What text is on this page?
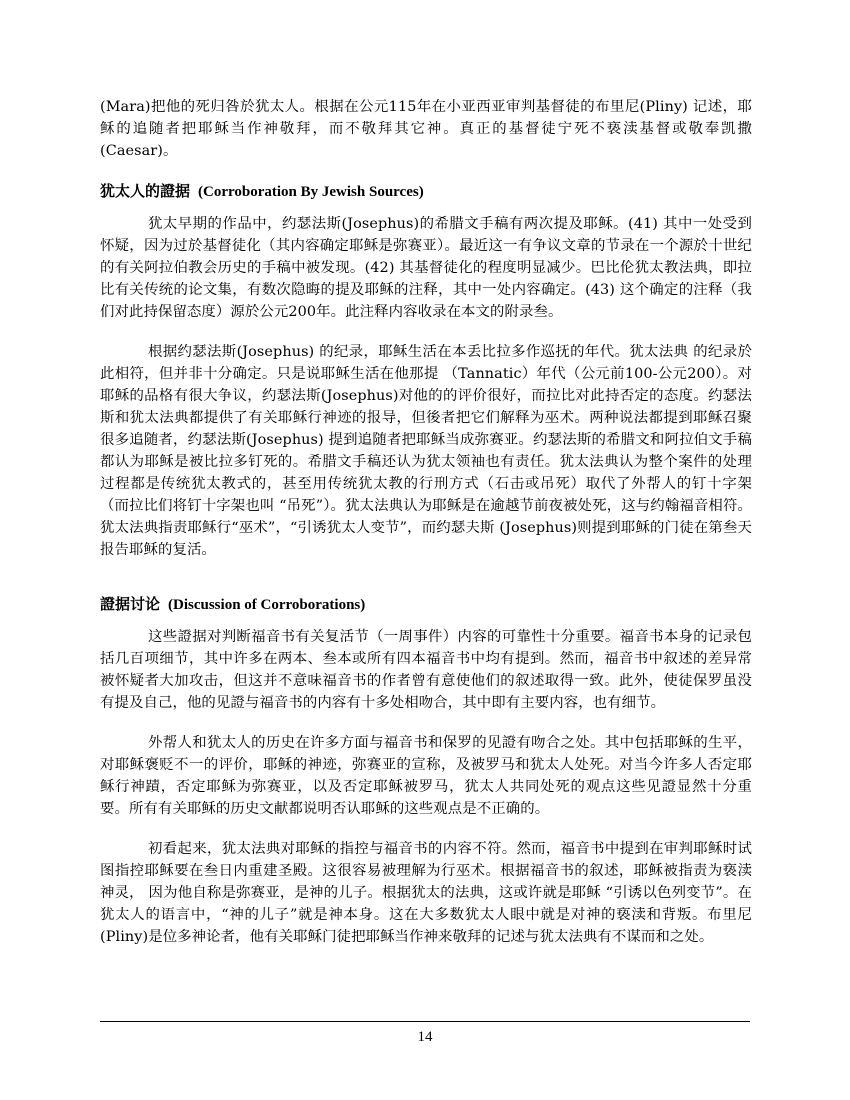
(Mara)把他的死归咎於犹太人。根据在公元115年在小亚西亚审判基督徒的布里尼(Pliny) 记述，耶稣的追随者把耶稣当作神敬拜，而不敬拜其它神。真正的基督徒宁死不亵渎基督或敬奉凯撒(Caesar)。

犹太人的證据 (Corroboration By Jewish Sources)

犹太早期的作品中，约瑟法斯(Josephus)的希腊文手稿有两次提及耶稣。(41) 其中一处受到怀疑，因为过於基督徒化（其内容确定耶稣是弥赛亚）。最近这一有争议文章的节录在一个源於十世纪的有关阿拉伯教会历史的手稿中被发现。(42) 其基督徒化的程度明显减少。巴比伦犹太教法典，即拉比有关传统的论文集，有数次隐晦的提及耶稣的注释，其中一处内容确定。(43) 这个确定的注释（我们对此持保留态度）源於公元200年。此注释内容收录在本文的附录叁。

根据约瑟法斯(Josephus) 的纪录，耶稣生活在本丢比拉多作巡抚的年代。犹太法典 的纪录於此相符，但并非十分确定。只是说耶稣生活在他那提 （Tannatic）年代（公元前100-公元200）。对耶稣的品格有很大争议，约瑟法斯(Josephus)对他的的评价很好，而拉比对此持否定的态度。约瑟法斯和犹太法典都提供了有关耶稣行神迹的报导，但後者把它们解释为巫术。两种说法都提到耶稣召聚很多追随者，约瑟法斯(Josephus) 提到追随者把耶稣当成弥赛亚。约瑟法斯的希腊文和阿拉伯文手稿都认为耶稣是被比拉多钉死的。希腊文手稿还认为犹太领袖也有责任。犹太法典认为整个案件的处理过程都是传统犹太教式的，甚至用传统犹太教的行刑方式（石击或吊死）取代了外帮人的钉十字架（而拉比们将钉十字架也叫 “吊死”）。犹太法典认为耶稣是在逾越节前夜被处死，这与约翰福音相符。犹太法典指责耶稣行“巫术”，“引诱犹太人变节”，而约瑟夫斯 (Josephus)则提到耶稣的门徒在第叁天报告耶稣的复活。

證据讨论 (Discussion of Corroborations)

这些證据对判断福音书有关复活节（一周事件）内容的可靠性十分重要。福音书本身的记录包括几百项细节，其中许多在两本、叁本或所有四本福音书中均有提到。然而，福音书中叙述的差异常被怀疑者大加攻击，但这并不意味福音书的作者曾有意使他们的叙述取得一致。此外，使徒保罗虽没有提及自己，他的见證与福音书的内容有十多处相吻合，其中即有主要内容，也有细节。

外帮人和犹太人的历史在许多方面与福音书和保罗的见證有吻合之处。其中包括耶稣的生平，对耶稣褒贬不一的评价，耶稣的神迹，弥赛亚的宣称，及被罗马和犹太人处死。对当今许多人否定耶稣行神蹟，否定耶稣为弥赛亚，以及否定耶稣被罗马，犹太人共同处死的观点这些见證显然十分重要。所有有关耶稣的历史文献都说明否认耶稣的这些观点是不正确的。

初看起来，犹太法典对耶稣的指控与福音书的内容不符。然而，福音书中提到在审判耶稣时试图指控耶稣要在叁日内重建圣殿。这很容易被理解为行巫术。根据福音书的叙述，耶稣被指责为亵渎神灵， 因为他自称是弥赛亚，是神的儿子。根据犹太的法典，这或许就是耶稣 “引诱以色列变节”。在犹太人的语言中，“神的儿子”就是神本身。这在大多数犹太人眼中就是对神的亵渎和背叛。布里尼(Pliny)是位多神论者，他有关耶稣门徒把耶稣当作神来敬拜的记述与犹太法典有不谋而和之处。

14
